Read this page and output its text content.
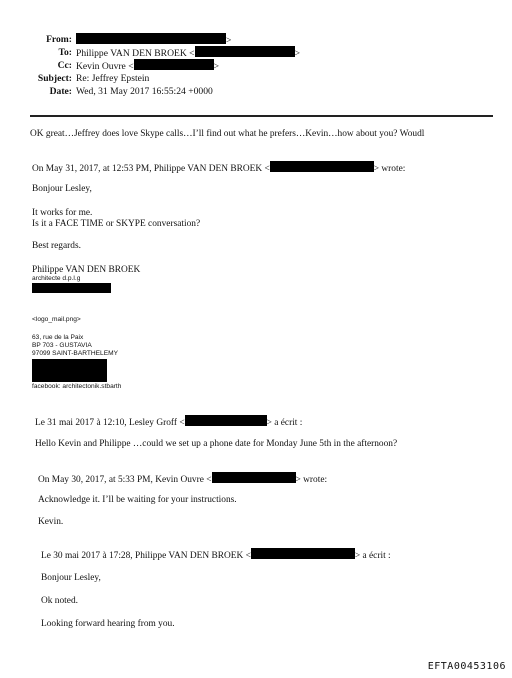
From:	>
To: Philippe VAN DEN BROEK <	>
Cc: Kevin Ouvre <	>
Subject: Re: Jeffrey Epstein
Date: Wed, 31 May 2017 16:55:24 +0000
OK great…Jeffrey does love Skype calls…I’ll find out what he prefers…Kevin…how about you? Woudl
On May 31, 2017, at 12:53 PM, Philippe VAN DEN BROEK <	> wrote:
Bonjour Lesley,
It works for me.
Is it a FACE TIME or SKYPE conversation?
Best regards.
Philippe VAN DEN BROEK
architecte d.p.l.g
<logo_mail.png>
63, rue de la Paix
BP 703 - GUSTAVIA
97099 SAINT-BARTHELEMY
facebook: architectonik.stbarth
Le 31 mai 2017 à 12:10, Lesley Groff <	> a écrit :
Hello Kevin and Philippe …could we set up a phone date for Monday June 5th in the afternoon?
On May 30, 2017, at 5:33 PM, Kevin Ouvre <	> wrote:
Acknowledge it. I’ll be waiting for your instructions.
Kevin.
Le 30 mai 2017 à 17:28, Philippe VAN DEN BROEK <	> a écrit :
Bonjour Lesley,
Ok noted.
Looking forward hearing from you.
EFTA00453106
